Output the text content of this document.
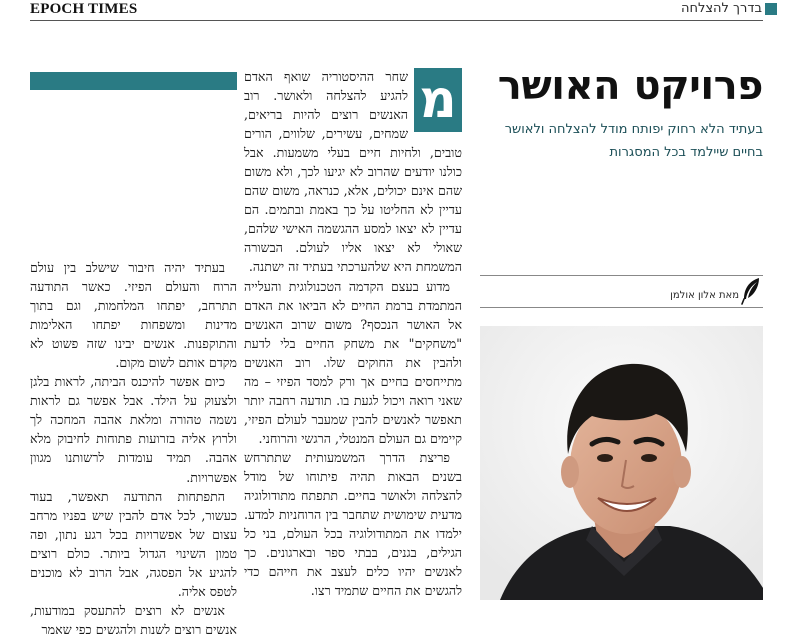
EPOCH TIMES	בדרך להצלחה
פרויקט האושר
בעתיד הלא רחוק יפותח מודל להצלחה ולאושר בחיים שיילמד בכל המסגרות
מאת אלון אולמן
מ

שחר ההיסטוריה שואף האדם להגיע להצלחה ולאושר. רוב האנשים רוצים להיות בריאים, שמחים, עשירים, שלווים, הורים טובים, ולחיות חיים בעלי משמעות. אבל כולנו יודעים שהרוב לא יגיעו לכך, ולא משום שהם אינם יכולים, אלא, כנראה, משום שהם עדיין לא החליטו על כך באמת ובתמים. הם עדיין לא יצאו למסע ההגשמה האישי שלהם, שאולי לא יצאו אליו לעולם. הבשורה המשמחת היא שלהערכתי בעתיד זה ישתנה.

מדוע בעצם הקדמה הטכנולוגית והעלייה המתמדת ברמת החיים לא הביאו את האדם אל האושר הנכסף? משום שרוב האנשים "משחקים" את משחק החיים בלי לדעת ולהבין את החוקים שלו. רוב האנשים מתייחסים בחיים אך ורק למסד הפיזי – מה שאני רואה ויכול לגעת בו. תודעה רחבה יותר תאפשר לאנשים להבין שמעבר לעולם הפיזי, קיימים גם העולם המנטלי, הרגשי והרוחני.

פריצת הדרך המשמעותית שתתרחש בשנים הבאות תהיה פיתוחו של מודל להצלחה ולאושר בחיים. תתפתח מתודולוגיה מדעית שימושית שתחבר בין הרוחניות למדע. ילמדו את המתודולוגיה בכל העולם, בני כל הגילים, בגנים, בבתי ספר ובארגונים. כך לאנשים יהיו כלים לעצב את חייהם כדי להגשים את החיים שתמיד רצו.

בעתיד יהיה חיבור שישלב בין עולם הרוח והעולם הפיזי. כאשר התודעה תתרחב, יפתחו המלחמות, וגם בתוך מדינות ומשפחות יפתחו האלימות והתוקפנות. אנשים יבינו שזה פשוט לא מקדם אותם לשום מקום.

כיום אפשר להיכנס הביתה, לראות בלגן ולצעוק על הילד. אבל אפשר גם לראות נשמה טהורה ומלאת אהבה המחכה לך ולרוץ אליה בזרועות פתוחות לחיבוק מלא אהבה. תמיד עומדות לרשותנו מגוון אפשרויות.

התפתחות התודעה תאפשר, בעוד כעשור, לכל אדם להבין שיש בפניו מרחב עצום של אפשרויות בכל רגע נתון, ופה טמון השינוי הגדול ביותר. כולם רוצים להגיע אל הפסגה, אבל הרוב לא מוכנים לטפס אליה.

אנשים לא רוצים להתעסק במודעות, אנשים רוצים לשנות ולהגשים כפי שאמר
